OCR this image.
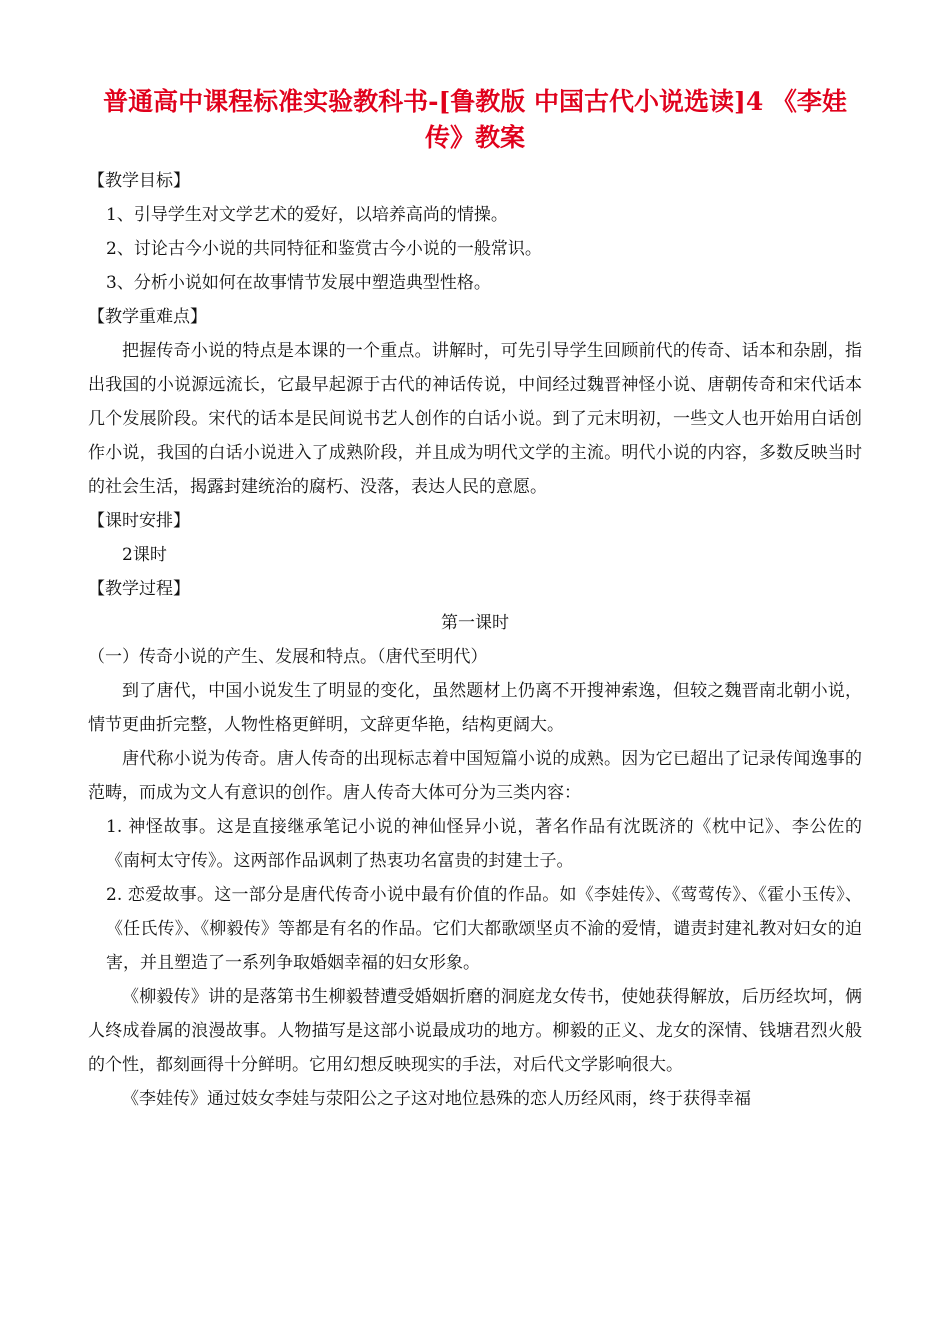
普通高中课程标准实验教科书-[鲁教版 中国古代小说选读]4 《李娃传》教案

【教学目标】

1、引导学生对文学艺术的爱好，以培养高尚的情操。

2、讨论古今小说的共同特征和鉴赏古今小说的一般常识。

3、分析小说如何在故事情节发展中塑造典型性格。

【教学重难点】

把握传奇小说的特点是本课的一个重点。讲解时，可先引导学生回顾前代的传奇、话本和杂剧，指出我国的小说源远流长，它最早起源于古代的神话传说，中间经过魏晋神怪小说、唐朝传奇和宋代话本几个发展阶段。宋代的话本是民间说书艺人创作的白话小说。到了元末明初，一些文人也开始用白话创作小说，我国的白话小说进入了成熟阶段，并且成为明代文学的主流。明代小说的内容，多数反映当时的社会生活，揭露封建统治的腐朽、没落，表达人民的意愿。

【课时安排】

2课时

【教学过程】

第一课时

（一）传奇小说的产生、发展和特点。（唐代至明代）

到了唐代，中国小说发生了明显的变化，虽然题材上仍离不开搜神索逸，但较之魏晋南北朝小说，情节更曲折完整，人物性格更鲜明，文辞更华艳，结构更阔大。

唐代称小说为传奇。唐人传奇的出现标志着中国短篇小说的成熟。因为它已超出了记录传闻逸事的范畴，而成为文人有意识的创作。唐人传奇大体可分为三类内容：

1. 神怪故事。这是直接继承笔记小说的神仙怪异小说，著名作品有沈既济的《枕中记》、李公佐的《南柯太守传》。这两部作品讽刺了热衷功名富贵的封建士子。

2. 恋爱故事。这一部分是唐代传奇小说中最有价值的作品。如《李娃传》、《莺莺传》、《霍小玉传》、《任氏传》、《柳毅传》等都是有名的作品。它们大都歌颂坚贞不渝的爱情，谴责封建礼教对妇女的迫害，并且塑造了一系列争取婚姻幸福的妇女形象。

《柳毅传》讲的是落第书生柳毅替遭受婚姻折磨的洞庭龙女传书，使她获得解放，后历经坎坷，俩人终成眷属的浪漫故事。人物描写是这部小说最成功的地方。柳毅的正义、龙女的深情、钱塘君烈火般的个性，都刻画得十分鲜明。它用幻想反映现实的手法，对后代文学影响很大。

《李娃传》通过妓女李娃与荥阳公之子这对地位悬殊的恋人历经风雨，终于获得幸福
